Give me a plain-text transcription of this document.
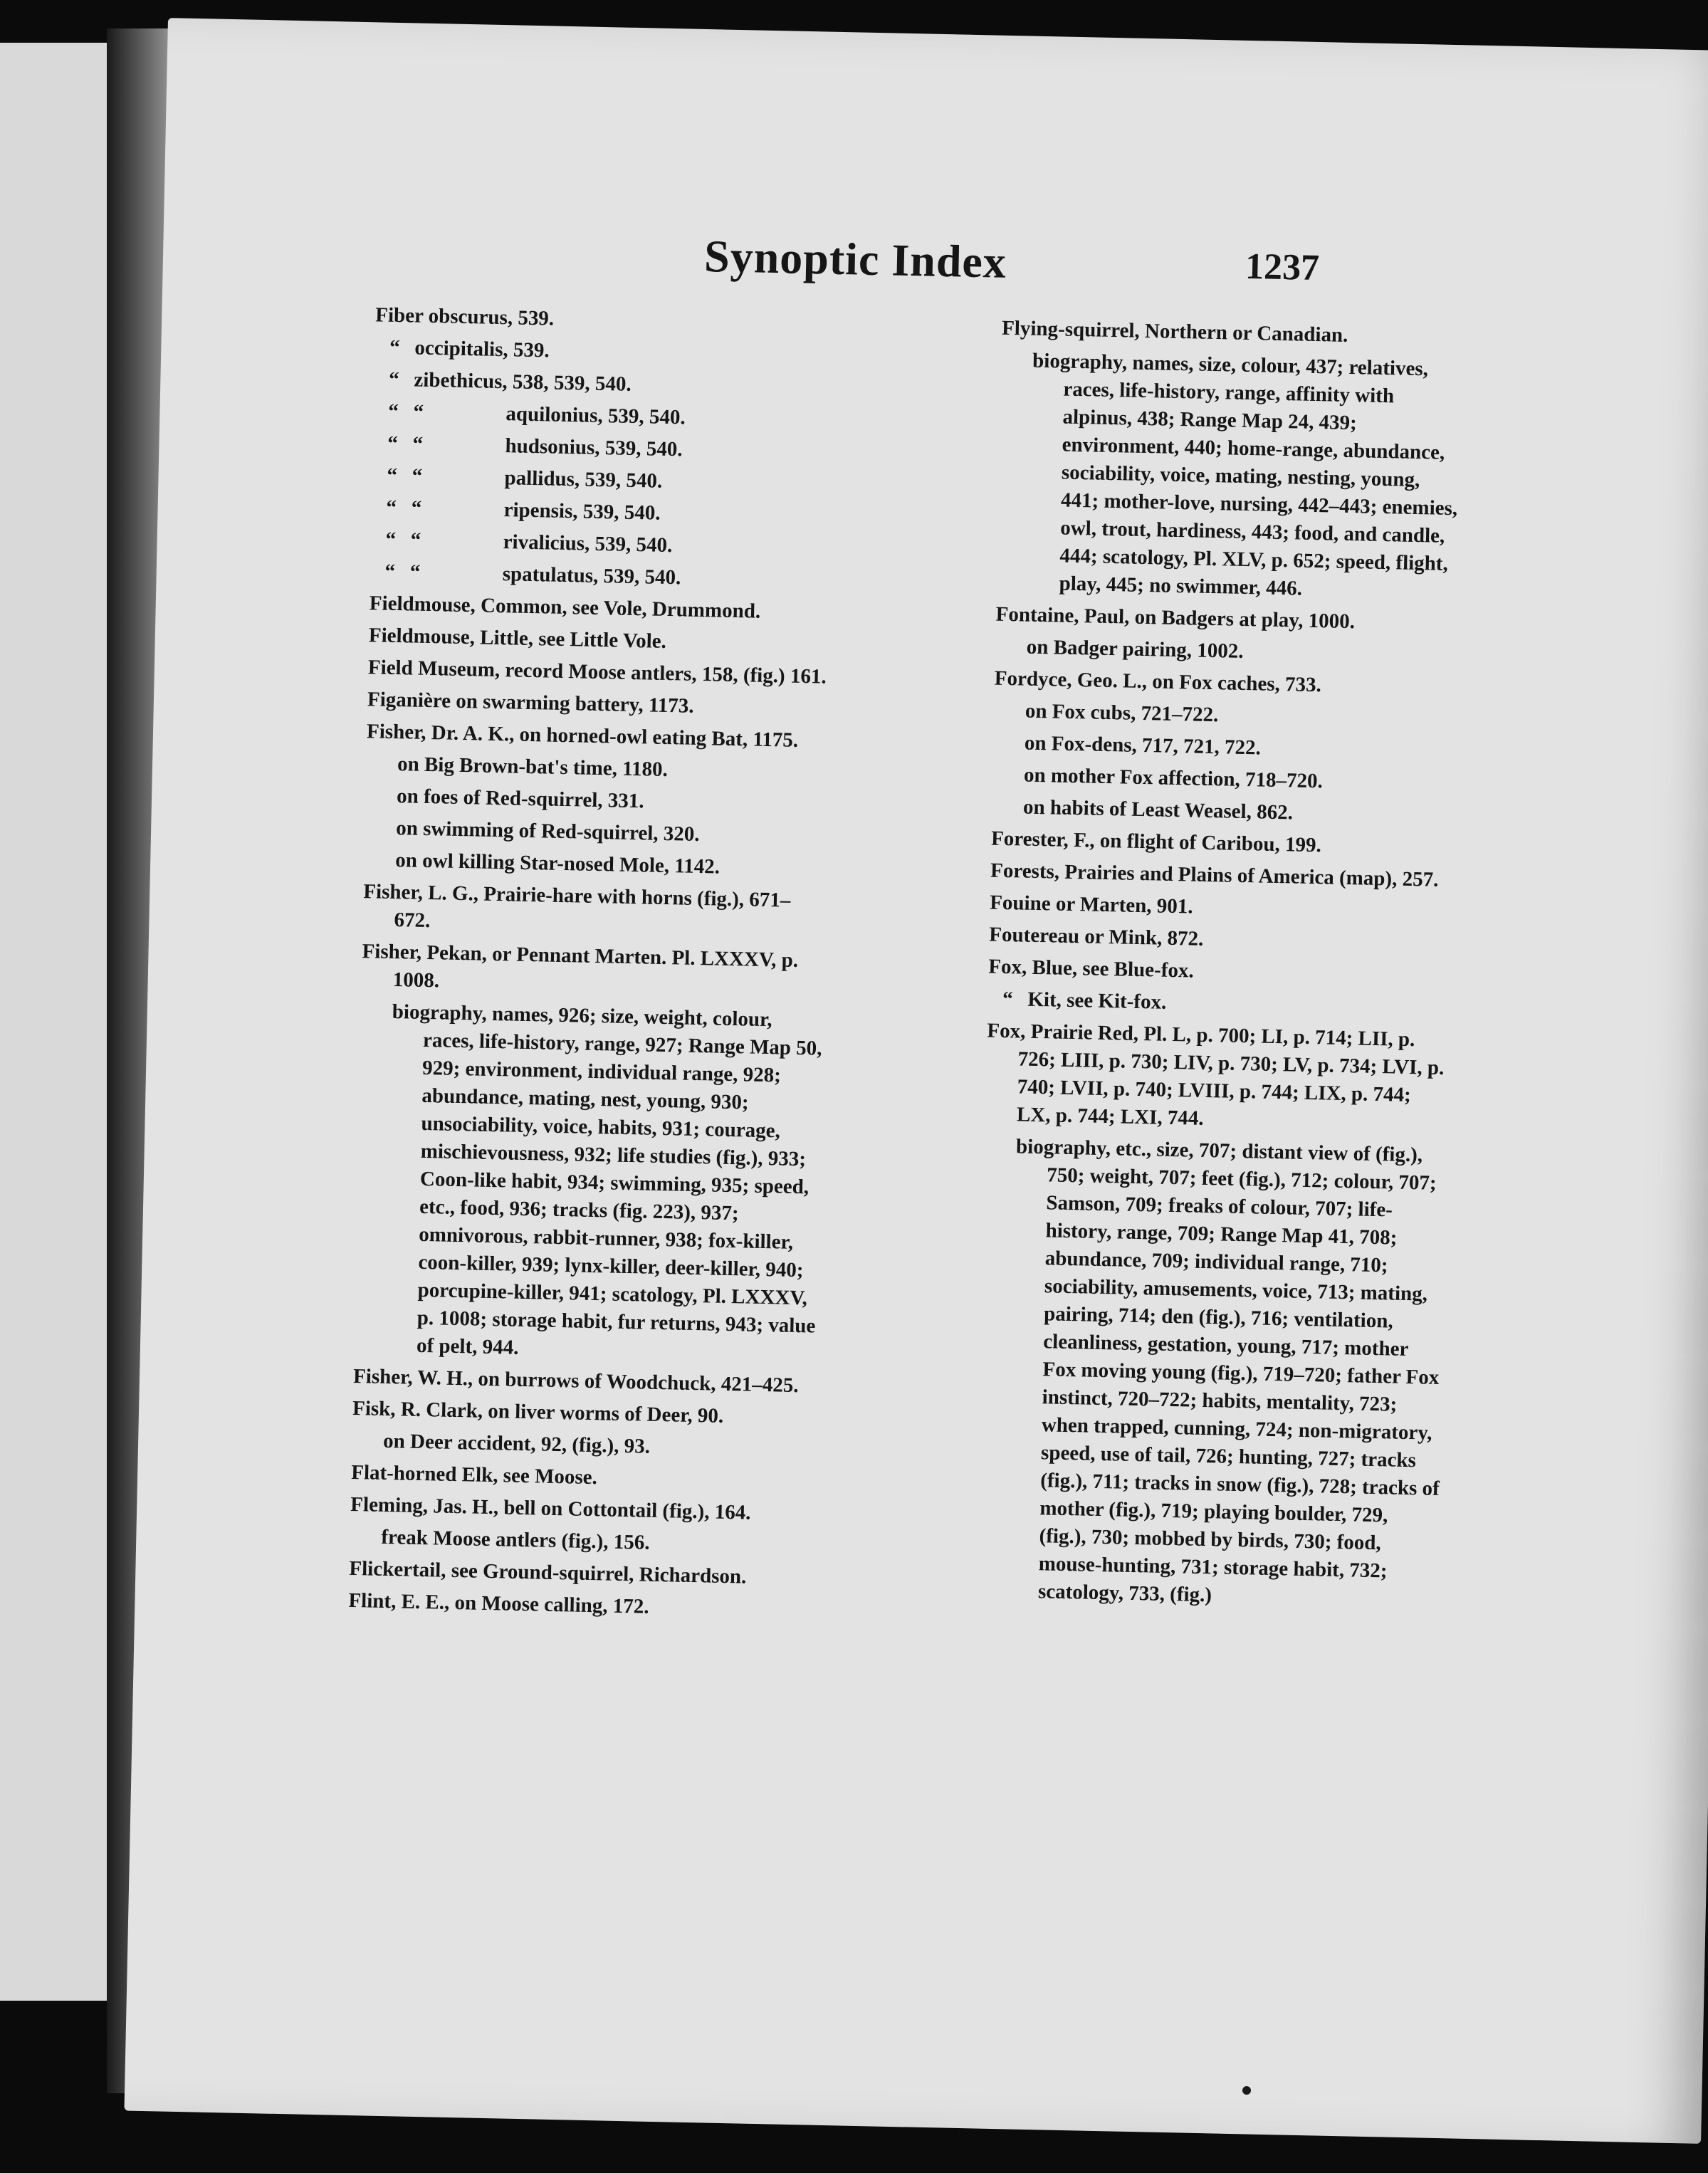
Synoptic Index	1237
Fiber obscurus, 539.
“ occipitalis, 539.
“ zibethicus, 538, 539, 540.
“ “	aquilonius, 539, 540.
“ “	hudsonius, 539, 540.
“ “	pallidus, 539, 540.
“ “	ripensis, 539, 540.
“ “	rivalicius, 539, 540.
“ “	spatulatus, 539, 540.
Fieldmouse, Common, see Vole, Drummond.
Fieldmouse, Little, see Little Vole.
Field Museum, record Moose antlers, 158, (fig.) 161.
Figanière on swarming battery, 1173.
Fisher, Dr. A. K., on horned-owl eating Bat, 1175.
on Big Brown-bat's time, 1180.
on foes of Red-squirrel, 331.
on swimming of Red-squirrel, 320.
on owl killing Star-nosed Mole, 1142.
Fisher, L. G., Prairie-hare with horns (fig.), 671–672.
Fisher, Pekan, or Pennant Marten. Pl. LXXXV, p. 1008.
biography, names, 926; size, weight, colour, races, life-history, range, 927; Range Map 50, 929; environment, individual range, 928; abundance, mating, nest, young, 930; unsociability, voice, habits, 931; courage, mischievousness, 932; life studies (fig.), 933; Coon-like habit, 934; swimming, 935; speed, etc., food, 936; tracks (fig. 223), 937; omnivorous, rabbit-runner, 938; fox-killer, coon-killer, 939; lynx-killer, deer-killer, 940; porcupine-killer, 941; scatology, Pl. LXXXV, p. 1008; storage habit, fur returns, 943; value of pelt, 944.
Fisher, W. H., on burrows of Woodchuck, 421–425.
Fisk, R. Clark, on liver worms of Deer, 90.
on Deer accident, 92, (fig.), 93.
Flat-horned Elk, see Moose.
Fleming, Jas. H., bell on Cottontail (fig.), 164.
freak Moose antlers (fig.), 156.
Flickertail, see Ground-squirrel, Richardson.
Flint, E. E., on Moose calling, 172.
Flying-squirrel, Northern or Canadian.
biography, names, size, colour, 437; relatives, races, life-history, range, affinity with alpinus, 438; Range Map 24, 439; environment, 440; home-range, abundance, sociability, voice, mating, nesting, young, 441; mother-love, nursing, 442–443; enemies, owl, trout, hardiness, 443; food, and candle, 444; scatology, Pl. XLV, p. 652; speed, flight, play, 445; no swimmer, 446.
Fontaine, Paul, on Badgers at play, 1000.
on Badger pairing, 1002.
Fordyce, Geo. L., on Fox caches, 733.
on Fox cubs, 721–722.
on Fox-dens, 717, 721, 722.
on mother Fox affection, 718–720.
on habits of Least Weasel, 862.
Forester, F., on flight of Caribou, 199.
Forests, Prairies and Plains of America (map), 257.
Fouine or Marten, 901.
Foutereau or Mink, 872.
Fox, Blue, see Blue-fox.
“ Kit, see Kit-fox.
Fox, Prairie Red, Pl. L, p. 700; LI, p. 714; LII, p. 726; LIII, p. 730; LIV, p. 730; LV, p. 734; LVI, p. 740; LVII, p. 740; LVIII, p. 744; LIX, p. 744; LX, p. 744; LXI, 744.
biography, etc., size, 707; distant view of (fig.), 750; weight, 707; feet (fig.), 712; colour, 707; Samson, 709; freaks of colour, 707; life-history, range, 709; Range Map 41, 708; abundance, 709; individual range, 710; sociability, amusements, voice, 713; mating, pairing, 714; den (fig.), 716; ventilation, cleanliness, gestation, young, 717; mother Fox moving young (fig.), 719–720; father Fox instinct, 720–722; habits, mentality, 723; when trapped, cunning, 724; non-migratory, speed, use of tail, 726; hunting, 727; tracks (fig.), 711; tracks in snow (fig.), 728; tracks of mother (fig.), 719; playing boulder, 729, (fig.), 730; mobbed by birds, 730; food, mouse-hunting, 731; storage habit, 732; scatology, 733, (fig.)
